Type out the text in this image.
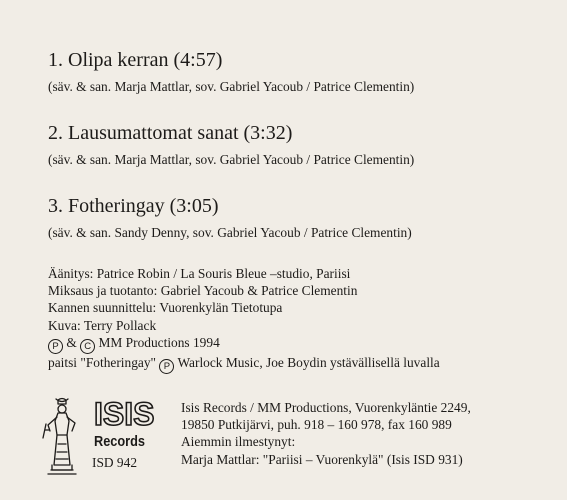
1. Olipa kerran (4:57)
(säv. & san. Marja Mattlar, sov. Gabriel Yacoub / Patrice Clementin)
2. Lausumattomat sanat (3:32)
(säv. & san. Marja Mattlar, sov. Gabriel Yacoub / Patrice Clementin)
3. Fotheringay (3:05)
(säv. & san. Sandy Denny, sov. Gabriel Yacoub / Patrice Clementin)
Äänitys: Patrice Robin / La Souris Bleue –studio, Pariisi
Miksaus ja tuotanto: Gabriel Yacoub & Patrice Clementin
Kannen suunnittelu: Vuorenkylän Tietotupa
Kuva: Terry Pollack
P & C MM Productions 1994
paitsi "Fotheringay" P Warlock Music, Joe Boydin ystävällisellä luvalla
ISIS
Records
ISD 942
Isis Records / MM Productions, Vuorenkyläntie 2249,
19850 Putkijärvi, puh. 918 – 160 978, fax 160 989
Aiemmin ilmestynyt:
Marja Mattlar: "Pariisi – Vuorenkylä" (Isis ISD 931)
